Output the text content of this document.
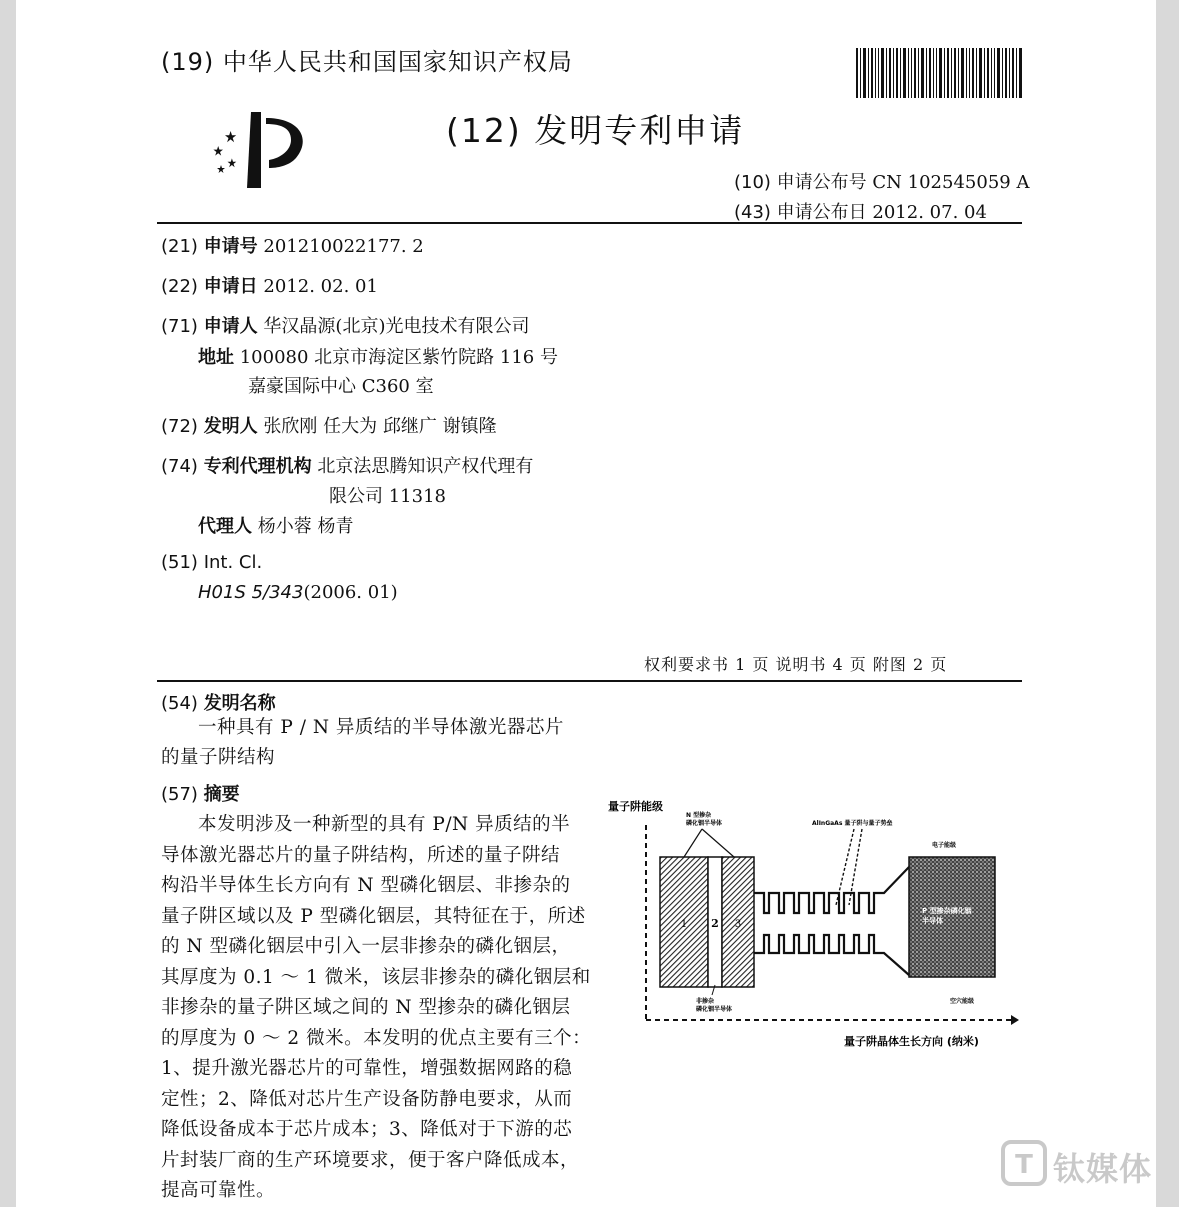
(19) 中华人民共和国国家知识产权局
(12) 发明专利申请
(10) 申请公布号 CN 102545059 A
(43) 申请公布日 2012. 07. 04
(21) 申请号 201210022177. 2
(22) 申请日 2012. 02. 01
(71) 申请人 华汉晶源(北京)光电技术有限公司
地址 100080 北京市海淀区紫竹院路 116 号
嘉豪国际中心 C360 室
(72) 发明人 张欣刚 任大为 邱继广 谢镇隆
(74) 专利代理机构 北京法思腾知识产权代理有
限公司 11318
代理人 杨小蓉 杨青
(51) Int. Cl.
H01S 5/343(2006. 01)
权利要求书 1 页 说明书 4 页 附图 2 页
(54) 发明名称
一种具有 P / N 异质结的半导体激光器芯片
的量子阱结构
(57) 摘要
本发明涉及一种新型的具有 P/N 异质结的半
导体激光器芯片的量子阱结构，所述的量子阱结
构沿半导体生长方向有 N 型磷化铟层、非掺杂的
量子阱区域以及 P 型磷化铟层，其特征在于，所述
的 N 型磷化铟层中引入一层非掺杂的磷化铟层，
其厚度为 0.1 ～ 1 微米，该层非掺杂的磷化铟层和
非掺杂的量子阱区域之间的 N 型掺杂的磷化铟层
的厚度为 0 ～ 2 微米。本发明的优点主要有三个：
1、提升激光器芯片的可靠性，增强数据网路的稳
定性；2、降低对芯片生产设备防静电要求，从而
降低设备成本于芯片成本；3、降低对于下游的芯
片封装厂商的生产环境要求，便于客户降低成本，
提高可靠性。
量子阱能级
量子阱晶体生长方向 (纳米)
1 2 3
P 型掺杂磷化铟
半导体
N 型掺杂
磷化铟半导体	AlInGaAs 量子阱与量子势垒
电子能级
空穴能级
非掺杂
磷化铟半导体
T 钛媒体
